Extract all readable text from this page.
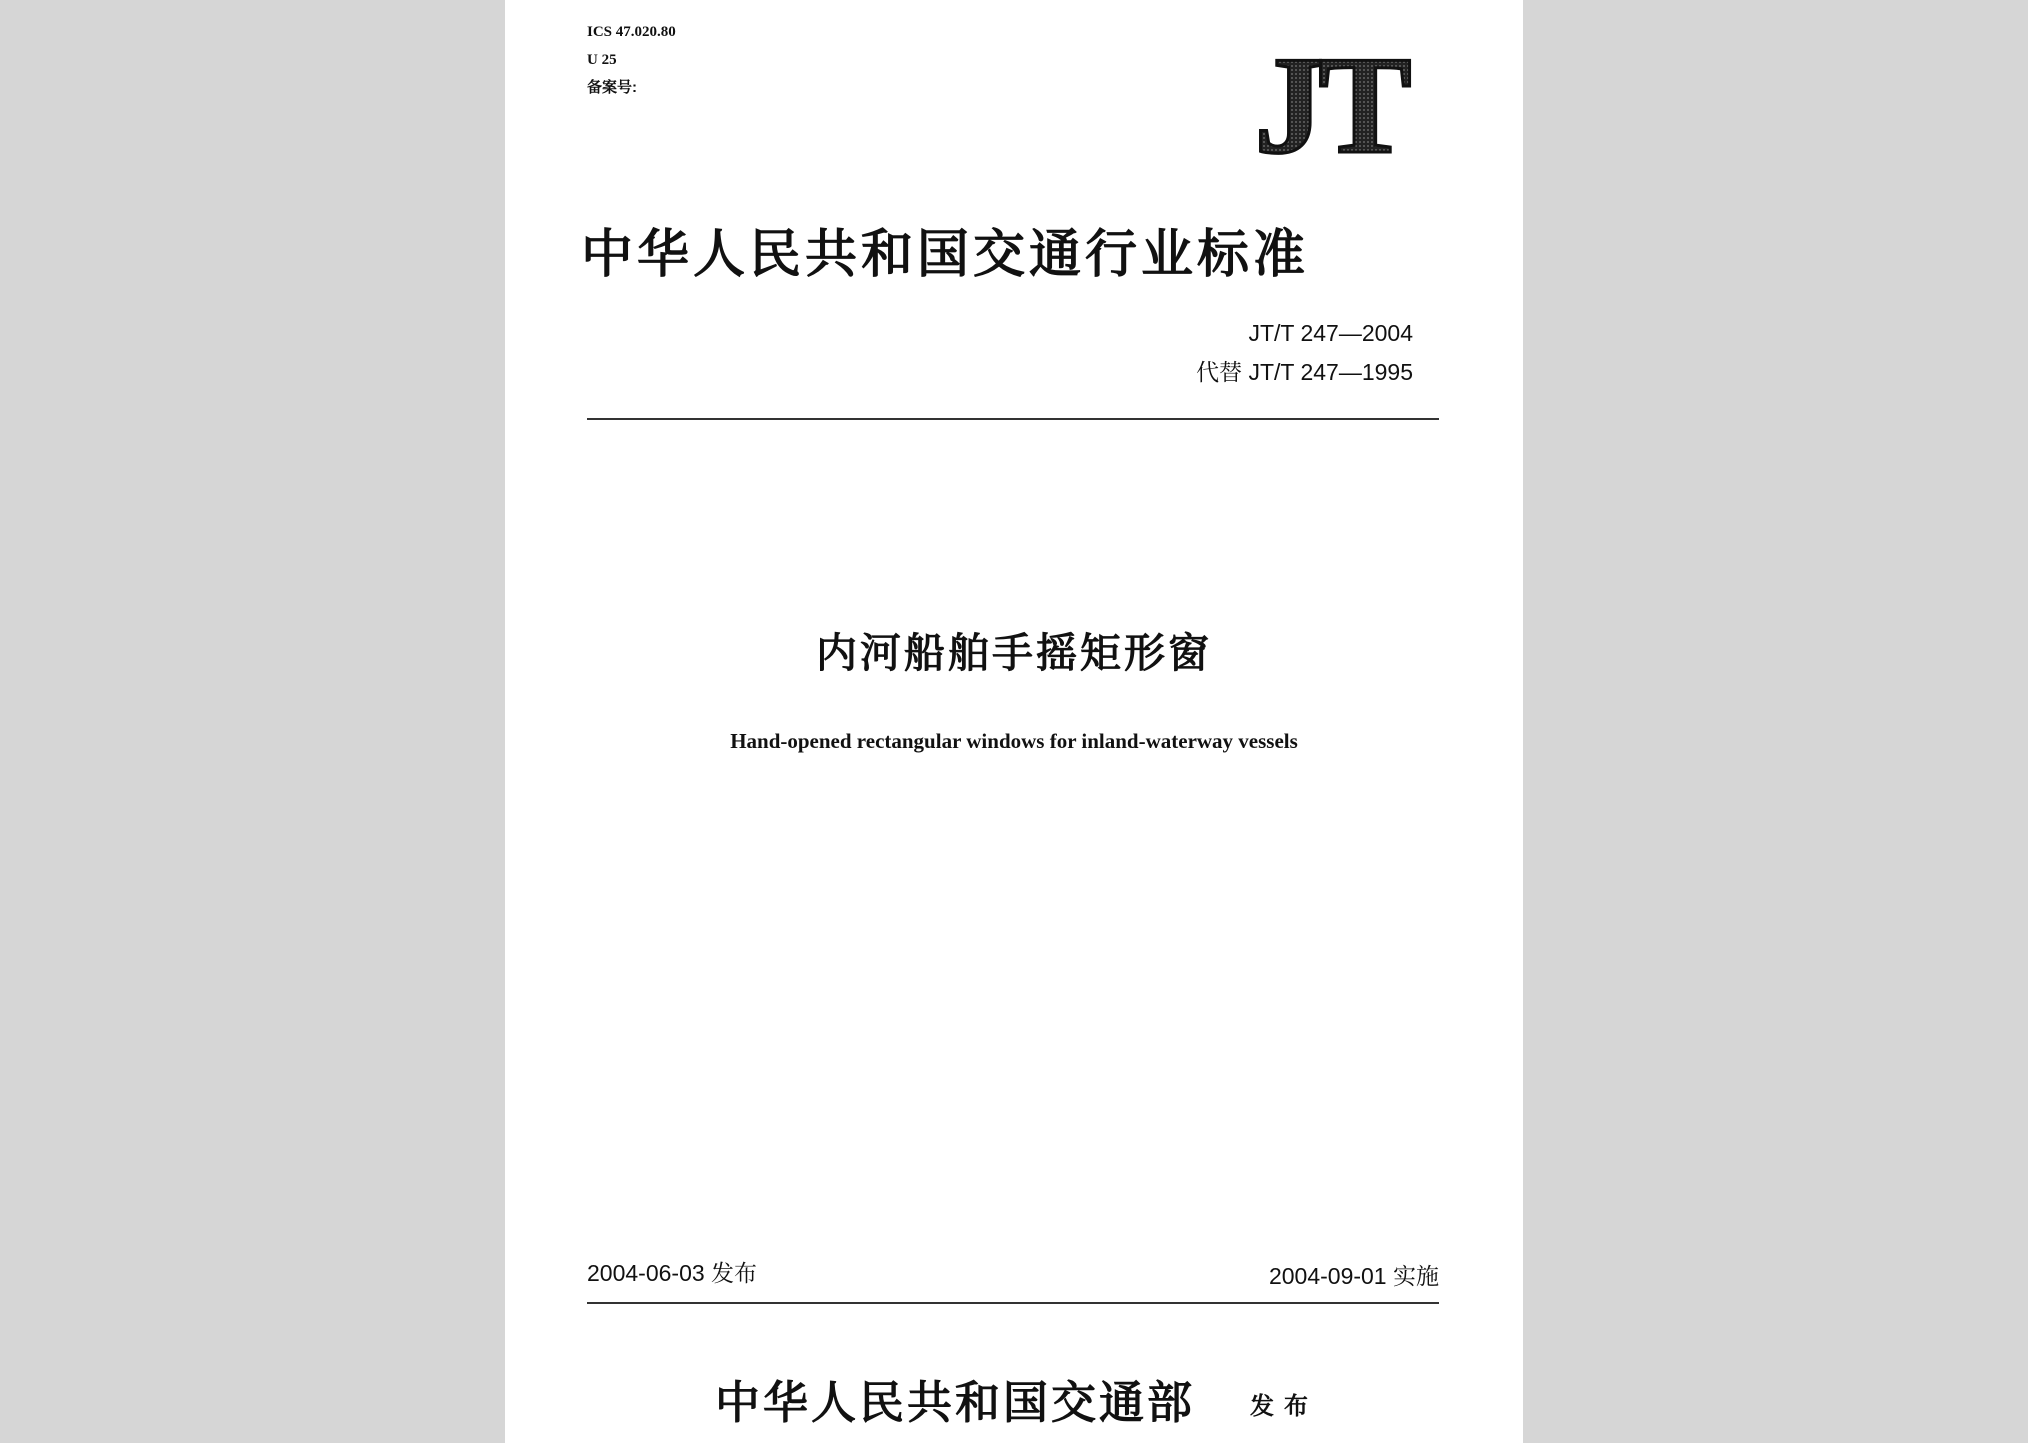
ICS 47.020.80
U 25
备案号:	JT
中华人民共和国交通行业标准
JT/T 247—2004
代替 JT/T 247—1995
内河船舶手摇矩形窗
Hand-opened rectangular windows for inland-waterway vessels
2004-06-03 发布	2004-09-01 实施
中华人民共和国交通部 发布
